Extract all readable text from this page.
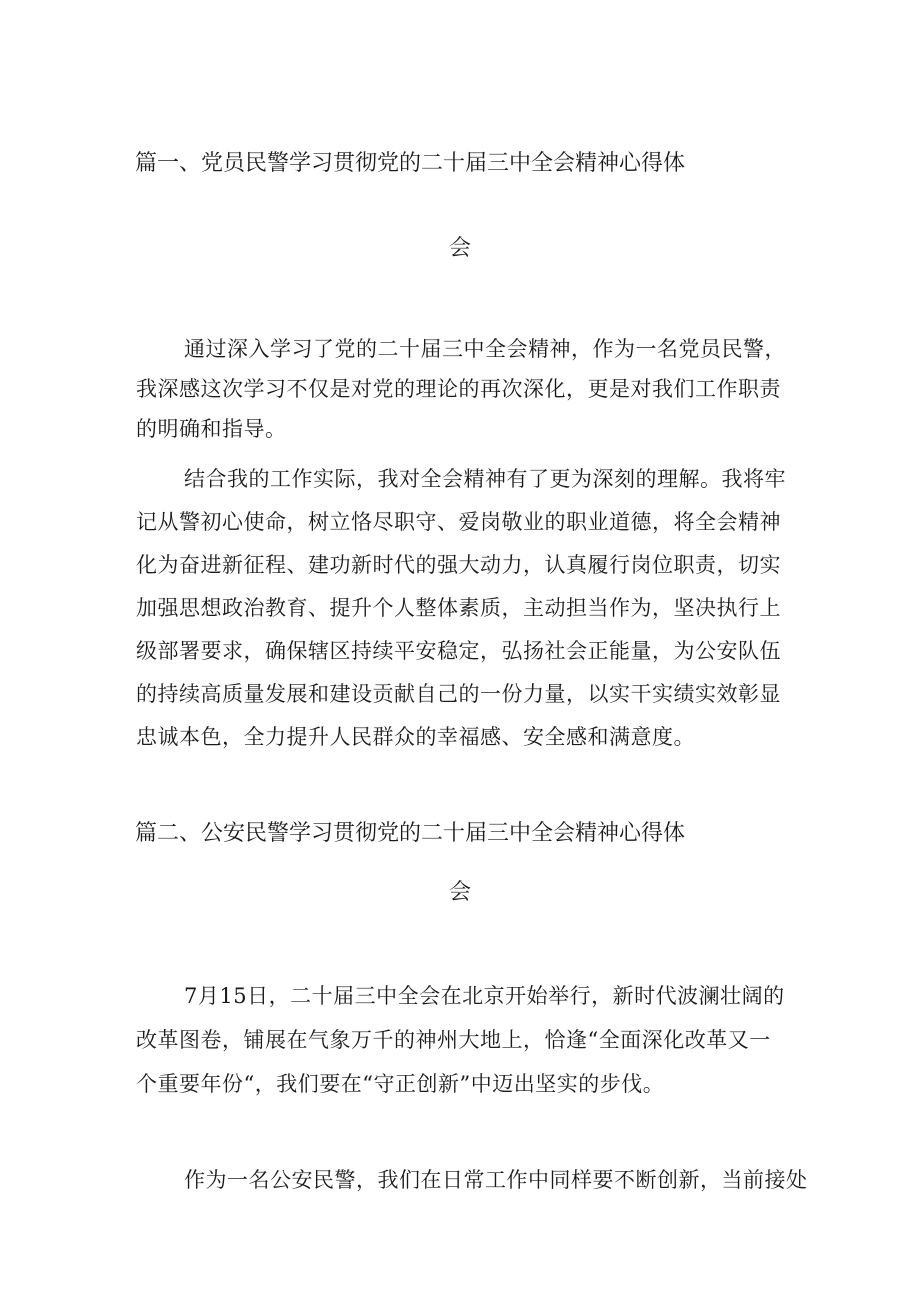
篇一、党员民警学习贯彻党的二十届三中全会精神心得体
会
通过深入学习了党的二十届三中全会精神，作为一名党员民警，
我深感这次学习不仅是对党的理论的再次深化，更是对我们工作职责
的明确和指导。
结合我的工作实际，我对全会精神有了更为深刻的理解。我将牢
记从警初心使命，树立恪尽职守、爱岗敬业的职业道德，将全会精神
化为奋进新征程、建功新时代的强大动力，认真履行岗位职责，切实
加强思想政治教育、提升个人整体素质，主动担当作为，坚决执行上
级部署要求，确保辖区持续平安稳定，弘扬社会正能量，为公安队伍
的持续高质量发展和建设贡献自己的一份力量，以实干实绩实效彰显
忠诚本色，全力提升人民群众的幸福感、安全感和满意度。
篇二、公安民警学习贯彻党的二十届三中全会精神心得体
会
7月15日，二十届三中全会在北京开始举行，新时代波澜壮阔的
改革图卷，铺展在气象万千的神州大地上，恰逢“全面深化改革又一
个重要年份“，我们要在“守正创新”中迈出坚实的步伐。
作为一名公安民警，我们在日常工作中同样要不断创新，当前接处
